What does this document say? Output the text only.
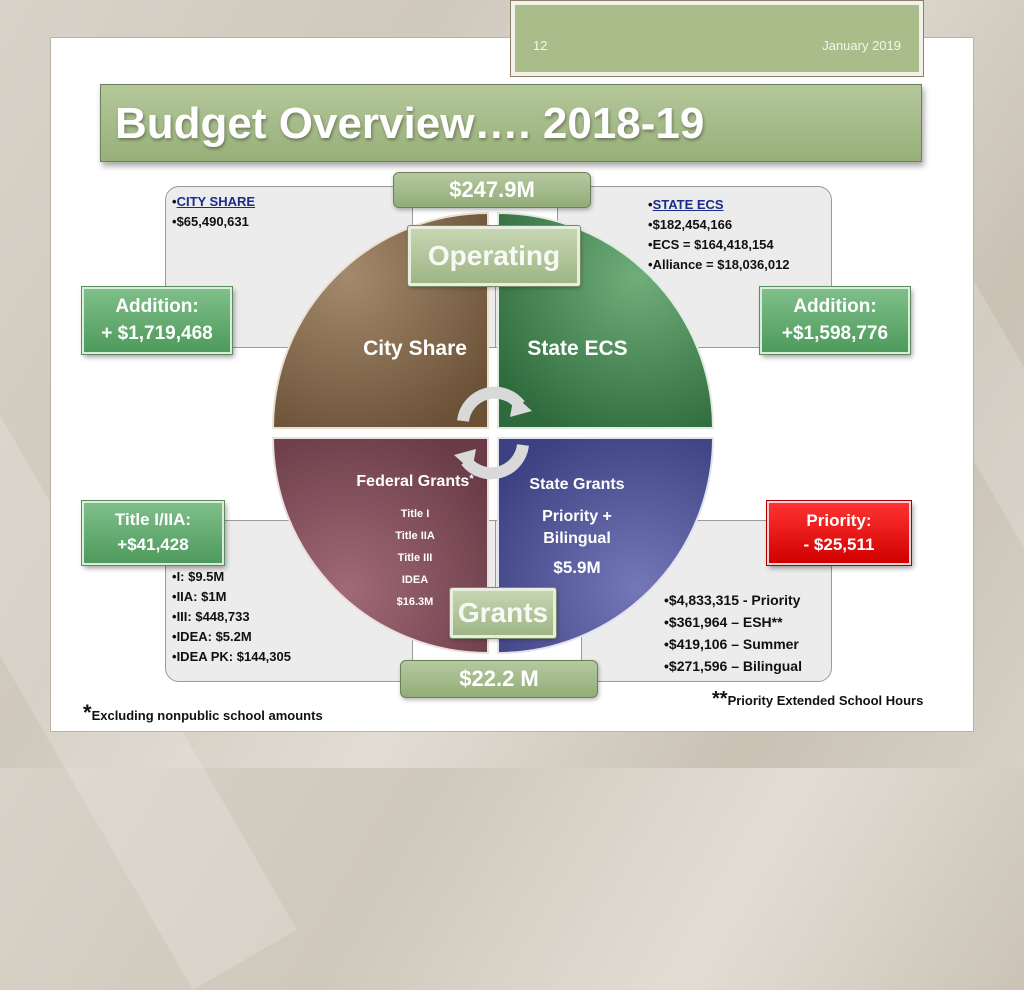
12	January 2019
Budget Overview…. 2018-19
$247.9M
Operating
Grants
$22.2 M
City Share	State ECS
Federal Grants*
Title I
Title IIA
Title III
IDEA
$16.3M
State Grants
Priority +
Bilingual
$5.9M
• CITY SHARE
• $65,490,631
• STATE ECS
• $182,454,166
• ECS = $164,418,154
• Alliance = $18,036,012
• I: $9.5M
• IIA: $1M
• III: $448,733
• IDEA: $5.2M
• IDEA PK: $144,305
• $4,833,315 - Priority
• $361,964 – ESH**
• $419,106 – Summer
• $271,596 – Bilingual
Addition:
+ $1,719,468
Addition:
+$1,598,776
Title I/IIA:
+$41,428
Priority:
- $25,511
*Excluding nonpublic school amounts
**Priority Extended School Hours
